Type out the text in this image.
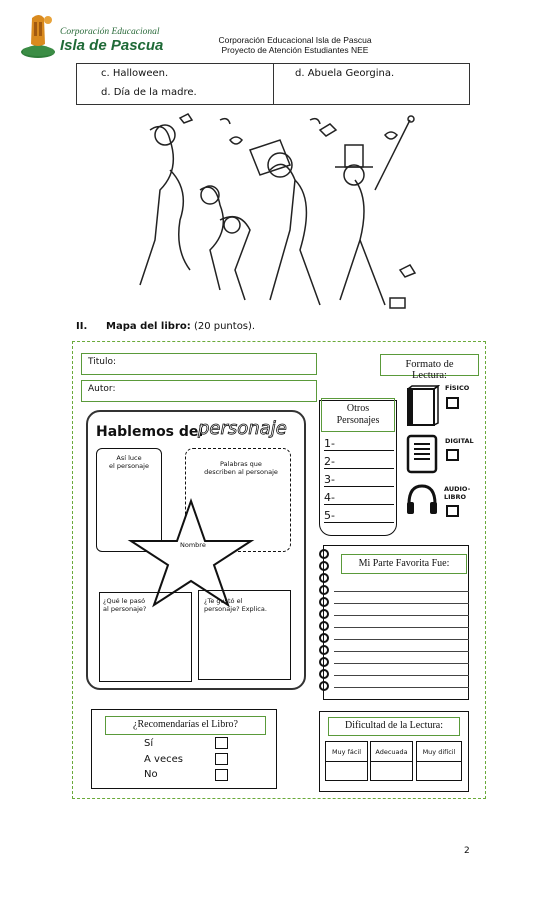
Corporación Educacional
Isla de Pascua	Corporación Educacional Isla de Pascua
Proyecto de Atención Estudiantes NEE
c. Halloween.
d. Día de la madre.
d. Abuela Georgina.
II. Mapa del libro: (20 puntos).
Titulo:
Autor:
Formato de Lectura:
FÍSICO
DIGITAL
AUDIO-
LIBRO
Otros
Personajes
1-
2-
3-
4-
5-
Hablemos del
personaje
Así luce
el personaje	Palabras que
describen al personaje
Nombre
¿Qué le pasó
al personaje?
¿Te gustó el
personaje? Explica.
Mi Parte Favorita Fue:
¿Recomendarías el Libro?
Sí
A veces
No
Dificultad de la Lectura:
Muy fácil	Adecuada	Muy difícil
2
